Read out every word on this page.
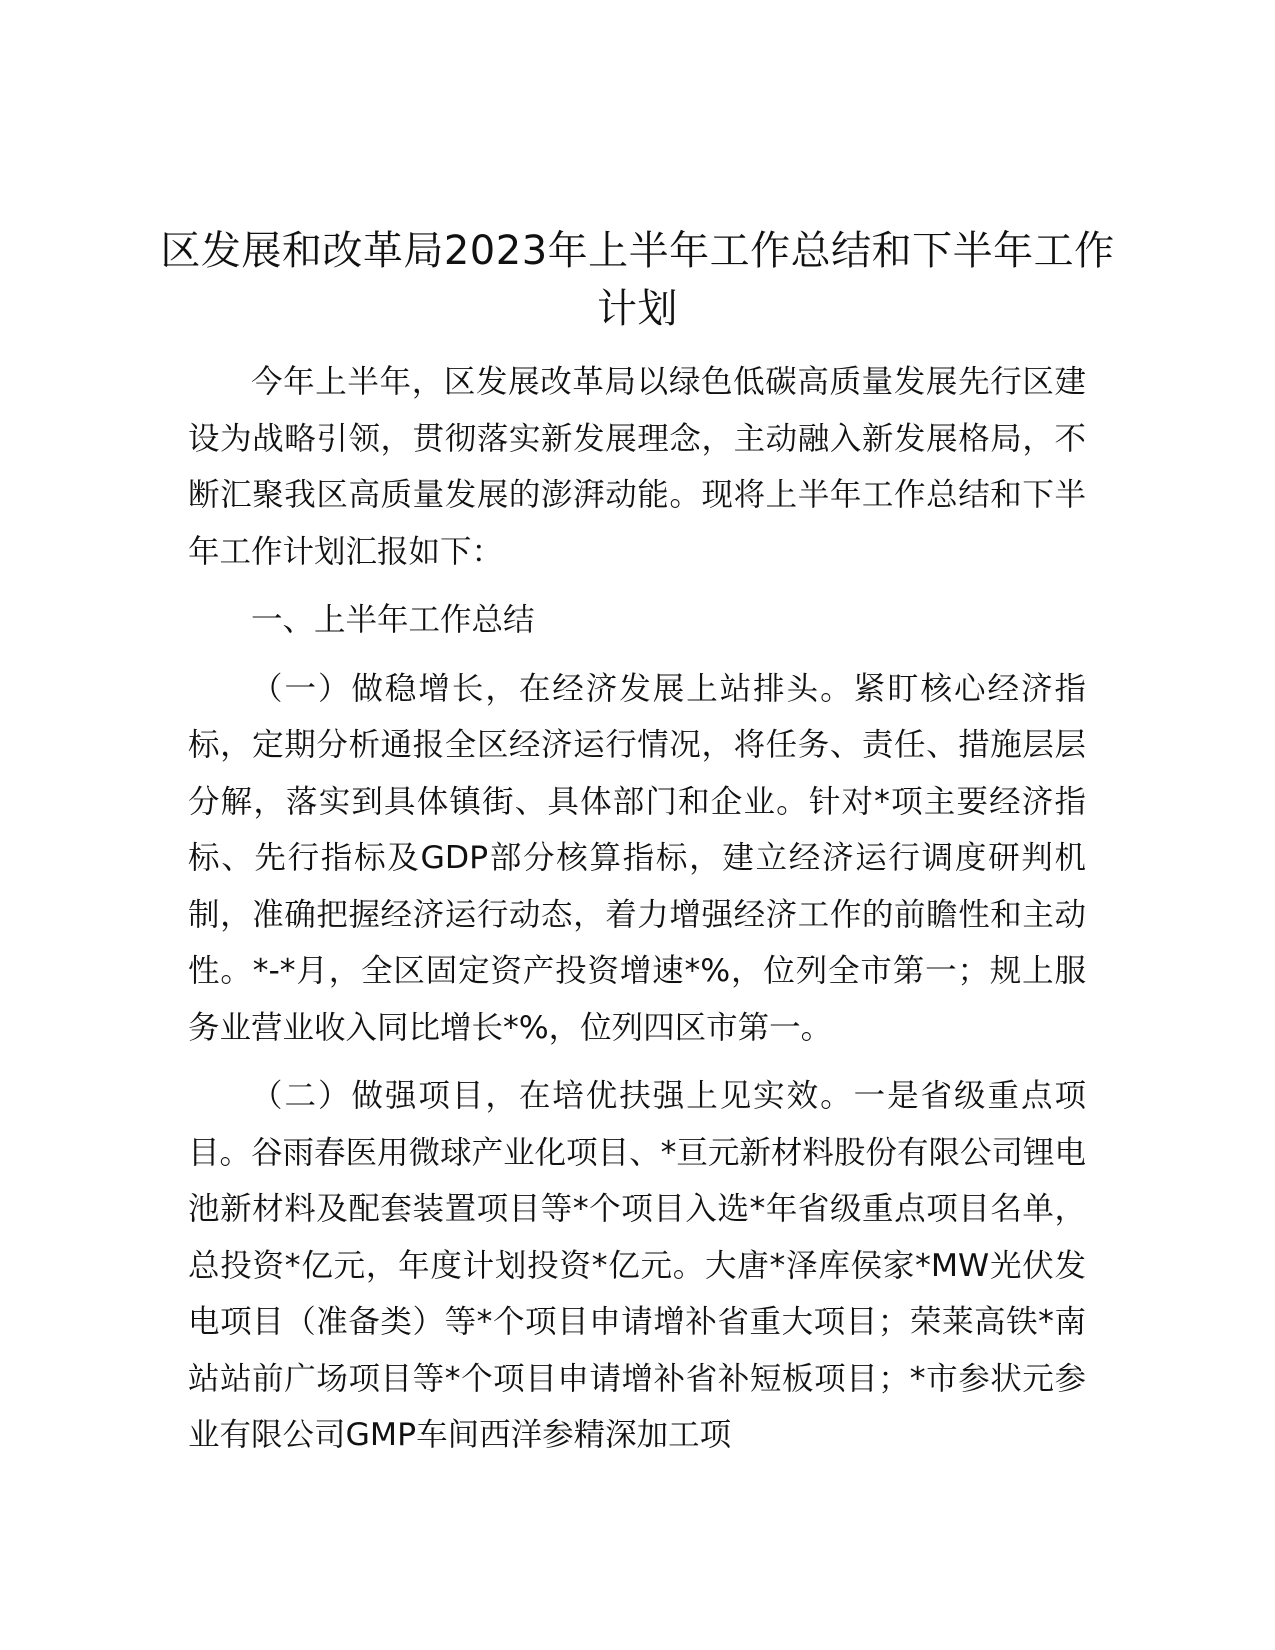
区发展和改革局2023年上半年工作总结和下半年工作计划

今年上半年，区发展改革局以绿色低碳高质量发展先行区建设为战略引领，贯彻落实新发展理念，主动融入新发展格局，不断汇聚我区高质量发展的澎湃动能。现将上半年工作总结和下半年工作计划汇报如下：

一、上半年工作总结

（一）做稳增长，在经济发展上站排头。紧盯核心经济指标，定期分析通报全区经济运行情况，将任务、责任、措施层层分解，落实到具体镇街、具体部门和企业。针对*项主要经济指标、先行指标及GDP部分核算指标，建立经济运行调度研判机制，准确把握经济运行动态，着力增强经济工作的前瞻性和主动性。*-*月，全区固定资产投资增速*%，位列全市第一；规上服务业营业收入同比增长*%，位列四区市第一。

（二）做强项目，在培优扶强上见实效。一是省级重点项目。谷雨春医用微球产业化项目、*亘元新材料股份有限公司锂电池新材料及配套装置项目等*个项目入选*年省级重点项目名单，总投资*亿元，年度计划投资*亿元。大唐*泽库侯家*MW光伏发电项目（准备类）等*个项目申请增补省重大项目；荣莱高铁*南站站前广场项目等*个项目申请增补省补短板项目；*市参状元参业有限公司GMP车间西洋参精深加工项
